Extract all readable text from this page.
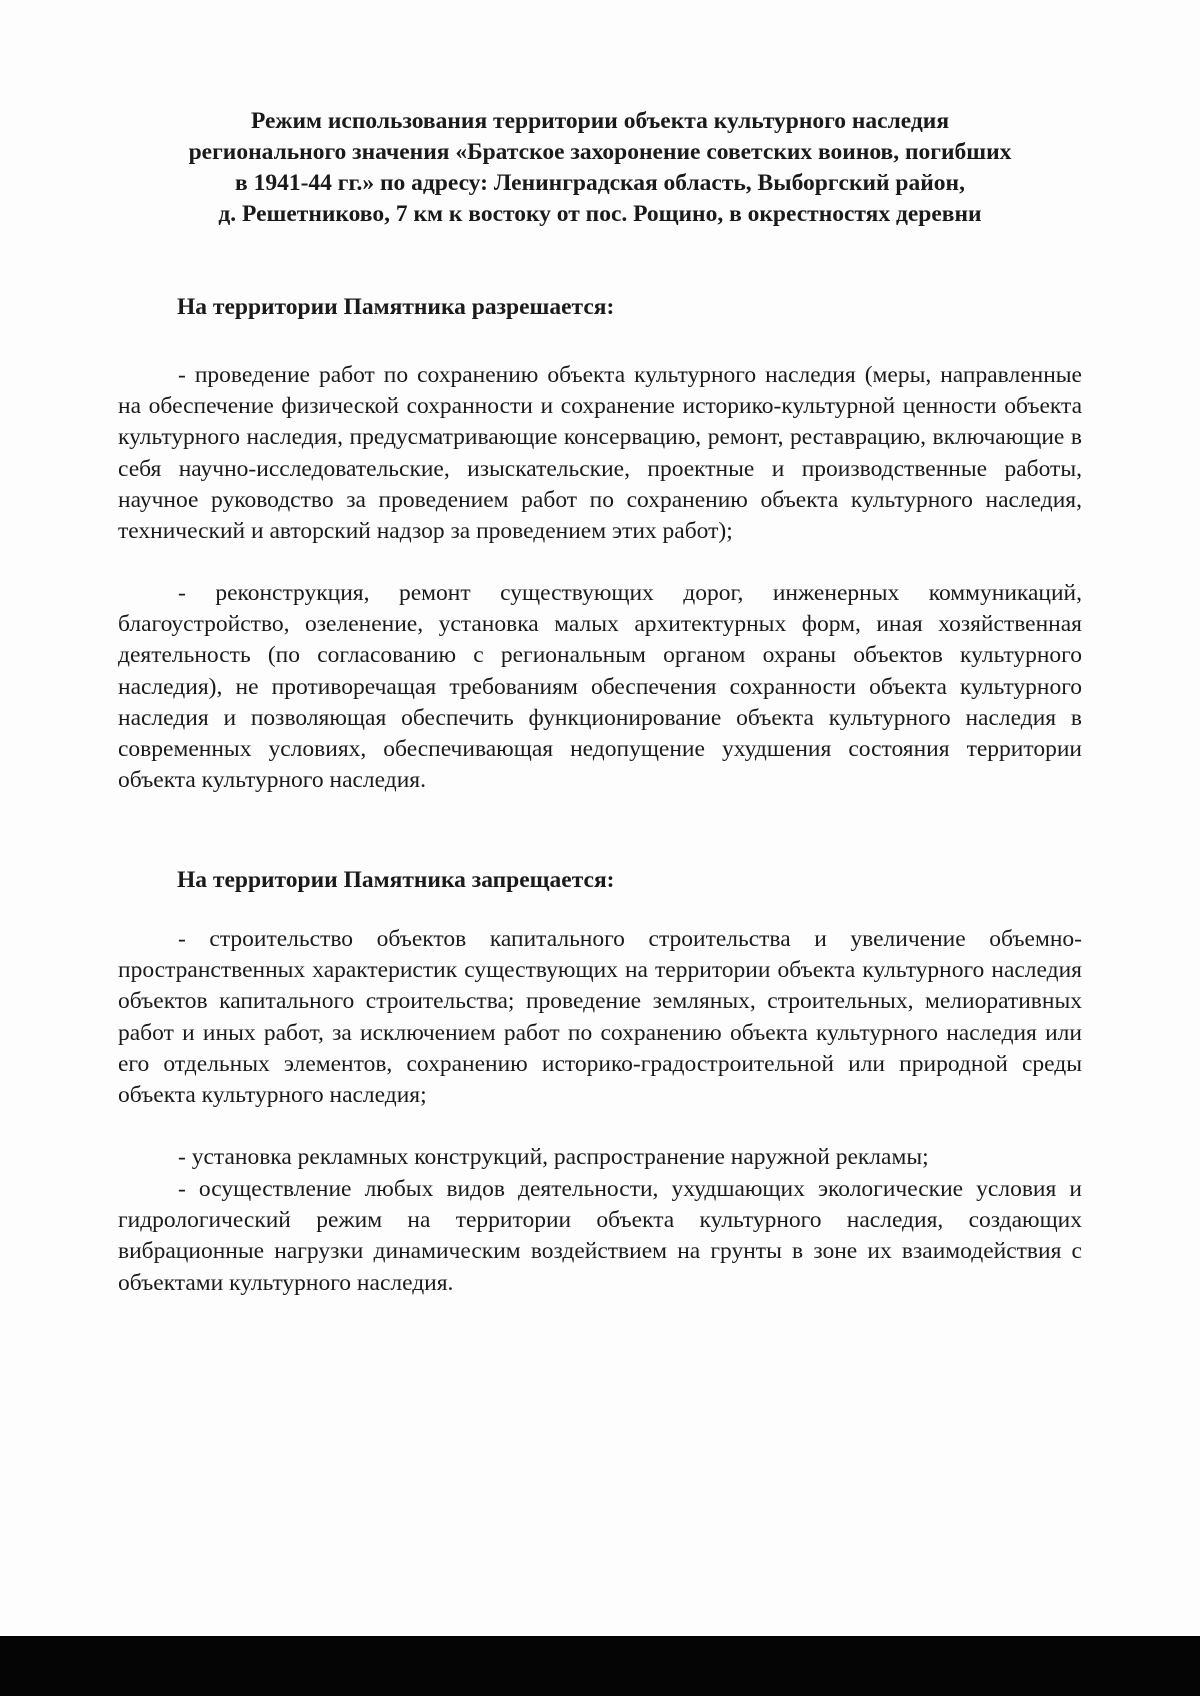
Режим использования территории объекта культурного наследия
регионального значения «Братское захоронение советских воинов, погибших
в 1941-44 гг.» по адресу: Ленинградская область, Выборгский район,
д. Решетниково, 7 км к востоку от пос. Рощино, в окрестностях деревни
На территории Памятника разрешается:

- проведение работ по сохранению объекта культурного наследия (меры, направленные на обеспечение физической сохранности и сохранение историко-культурной ценности объекта культурного наследия, предусматривающие консервацию, ремонт, реставрацию, включающие в себя научно-исследовательские, изыскательские, проектные и производственные работы, научное руководство за проведением работ по сохранению объекта культурного наследия, технический и авторский надзор за проведением этих работ);

- реконструкция, ремонт существующих дорог, инженерных коммуникаций, благоустройство, озеленение, установка малых архитектурных форм, иная хозяйственная деятельность (по согласованию с региональным органом охраны объектов культурного наследия), не противоречащая требованиям обеспечения сохранности объекта культурного наследия и позволяющая обеспечить функционирование объекта культурного наследия в современных условиях, обеспечивающая недопущение ухудшения состояния территории объекта культурного наследия.

На территории Памятника запрещается:

- строительство объектов капитального строительства и увеличение объемно-пространственных характеристик существующих на территории объекта культурного наследия объектов капитального строительства; проведение земляных, строительных, мелиоративных работ и иных работ, за исключением работ по сохранению объекта культурного наследия или его отдельных элементов, сохранению историко-градостроительной или природной среды объекта культурного наследия;

- установка рекламных конструкций, распространение наружной рекламы;

- осуществление любых видов деятельности, ухудшающих экологические условия и гидрологический режим на территории объекта культурного наследия, создающих вибрационные нагрузки динамическим воздействием на грунты в зоне их взаимодействия с объектами культурного наследия.
